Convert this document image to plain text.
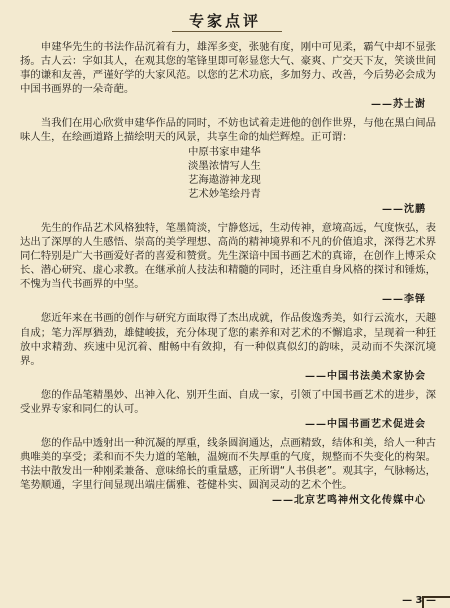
专家点评

申建华先生的书法作品沉着有力，雄浑多变，张驰有度，刚中可见柔，霸气中却不显张扬。古人云：字如其人，在观其您的笔锋里即可彰显您大气、豪爽、广交天下友，笑谈世间事的谦和友善，严谨好学的大家风范。以您的艺术功底，多加努力、改善，今后势必会成为中国书画界的一朵奇葩。

——苏士澍

当我们在用心欣赏申建华作品的同时，不妨也试着走进他的创作世界，与他在黑白间品味人生，在绘画道路上描绘明天的风景，共享生命的灿烂辉煌。正可谓：

中原书家申建华
淡墨浓情写人生
艺海遨游神龙现
艺术妙笔绘丹青
——沈鹏

先生的作品艺术风格独特，笔墨简淡，宁静悠远，生动传神，意境高远，气度恢弘，表达出了深厚的人生感悟、崇高的美学理想、高尚的精神境界和不凡的价值追求，深得艺术界同仁特别是广大书画爱好者的喜爱和赞赏。先生深谙中国书画艺术的真谛，在创作上博采众长、潜心研究、虚心求教。在继承前人技法和精髓的同时，还注重自身风格的探讨和锤炼，不愧为当代书画界的中坚。

——李铎

您近年来在书画的创作与研究方面取得了杰出成就，作品俊逸秀美，如行云流水，天趣自成；笔力浑厚猶劲，雄健峻拔，充分体现了您的素养和对艺术的不懈追求，呈现着一种狂放中求精劲、疾速中见沉着、酣畅中有敛抑，有一种似真似幻的韵味，灵动而不失深沉境界。

——中国书法美术家协会

您的作品笔精墨妙、出神入化、别开生面、自成一家，引领了中国书画艺术的进步，深受业界专家和同仁的认可。

——中国书画艺术促进会

您的作品中透射出一种沉凝的厚重，线条圆润通达，点画精致，结体和美，给人一种古典唯美的享受；柔和而不失力道的笔触，温婉而不失厚重的气度，规整而不失变化的构架。书法中散发出一种刚柔兼备、意味绵长的重量感，正所谓“人书俱老”。观其字，气脉畅达，笔势顺通，字里行间显现出端庄儒雅、苍健朴实、圆润灵动的艺术个性。

——北京艺鸣神州文化传媒中心
— 3 —
